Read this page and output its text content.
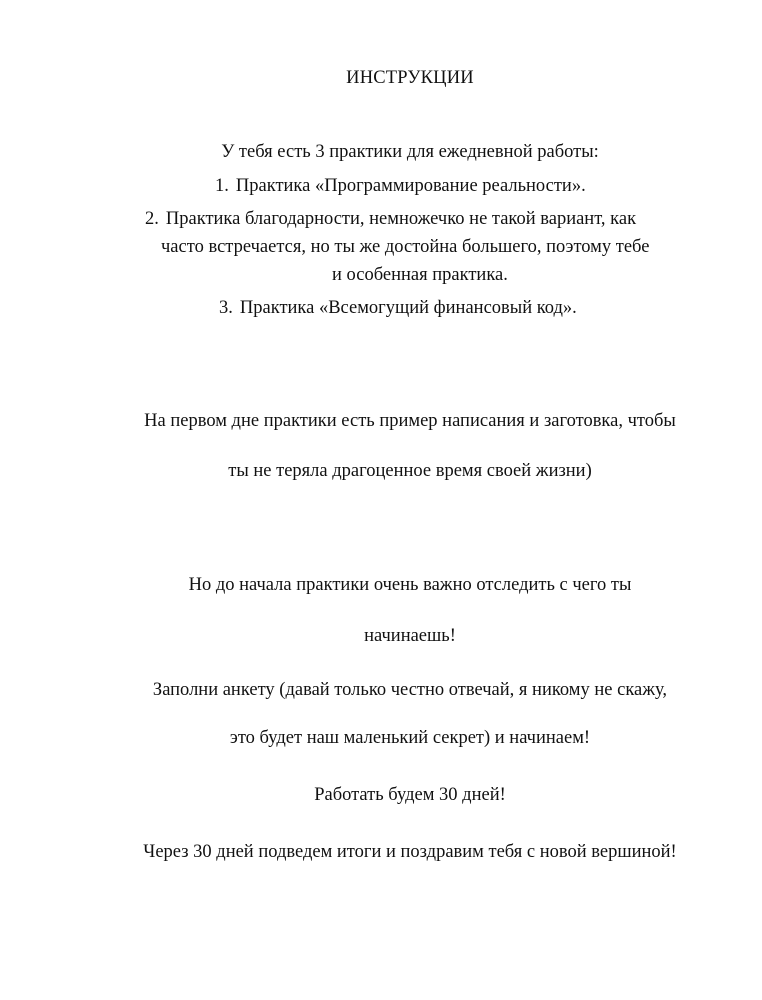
ИНСТРУКЦИИ
У тебя есть 3 практики для ежедневной работы:
1. Практика «Программирование реальности».
2. Практика благодарности, немножечко не такой вариант, как
часто встречается, но ты же достойна большего, поэтому тебе
и особенная практика.
3. Практика «Всемогущий финансовый код».
На первом дне практики есть пример написания и заготовка, чтобы
ты не теряла драгоценное время своей жизни)
Но до начала практики очень важно отследить с чего ты
начинаешь!
Заполни анкету (давай только честно отвечай, я никому не скажу,
это будет наш маленький секрет) и начинаем!
Работать будем 30 дней!
Через 30 дней подведем итоги и поздравим тебя с новой вершиной!
